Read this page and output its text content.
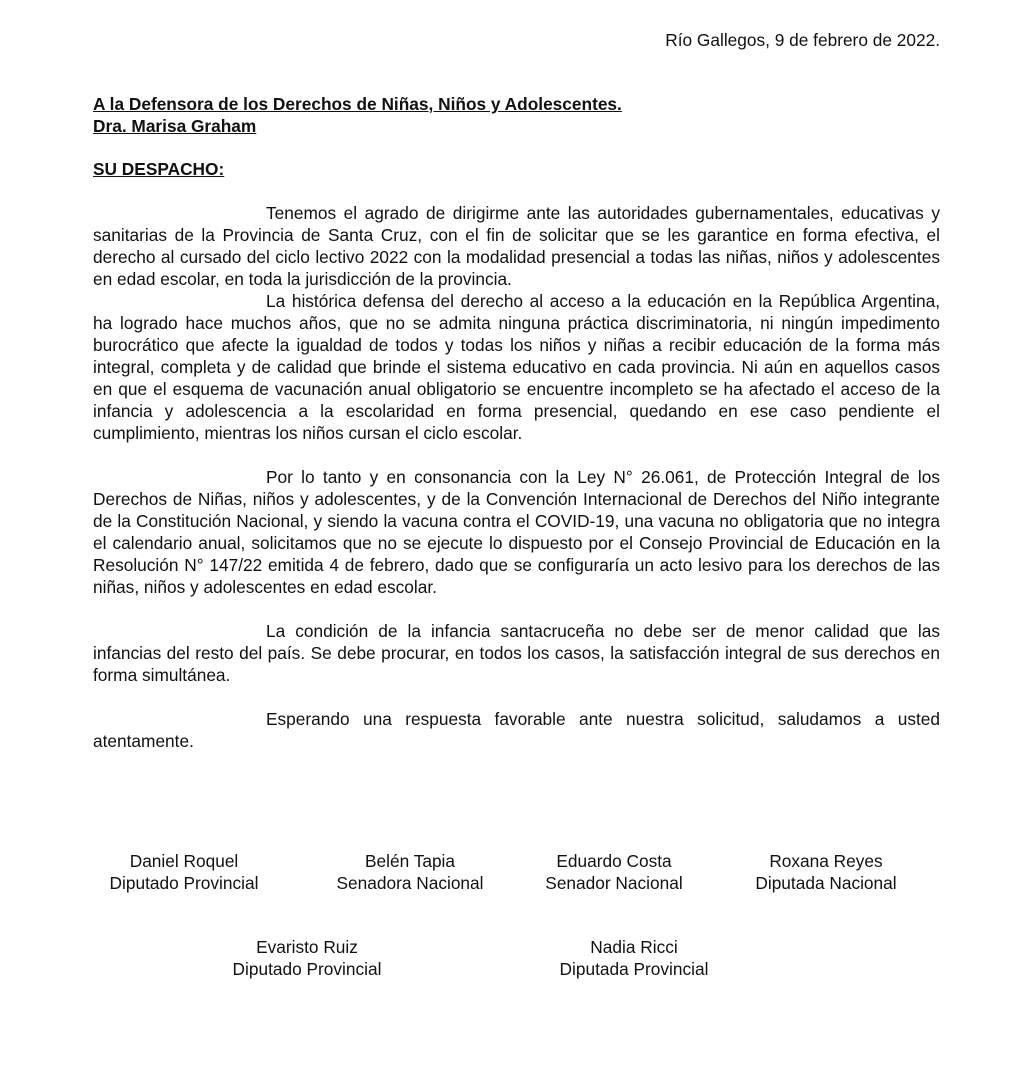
Río Gallegos, 9 de febrero de 2022.
A la Defensora de los Derechos de Niñas, Niños y Adolescentes.
Dra. Marisa Graham
SU DESPACHO:

Tenemos el agrado de dirigirme ante las autoridades gubernamentales, educativas y sanitarias de la Provincia de Santa Cruz, con el fin de solicitar que se les garantice en forma efectiva, el derecho al cursado del ciclo lectivo 2022 con la modalidad presencial a todas las niñas, niños y adolescentes en edad escolar, en toda la jurisdicción de la provincia.

La histórica defensa del derecho al acceso a la educación en la República Argentina, ha logrado hace muchos años, que no se admita ninguna práctica discriminatoria, ni ningún impedimento burocrático que afecte la igualdad de todos y todas los niños y niñas a recibir educación de la forma más integral, completa y de calidad que brinde el sistema educativo en cada provincia. Ni aún en aquellos casos en que el esquema de vacunación anual obligatorio se encuentre incompleto se ha afectado el acceso de la infancia y adolescencia a la escolaridad en forma presencial, quedando en ese caso pendiente el cumplimiento, mientras los niños cursan el ciclo escolar.

Por lo tanto y en consonancia con la Ley N° 26.061, de Protección Integral de los Derechos de Niñas, niños y adolescentes, y de la Convención Internacional de Derechos del Niño integrante de la Constitución Nacional, y siendo la vacuna contra el COVID-19, una vacuna no obligatoria que no integra el calendario anual, solicitamos que no se ejecute lo dispuesto por el Consejo Provincial de Educación en la Resolución N° 147/22 emitida 4 de febrero, dado que se configuraría un acto lesivo para los derechos de las niñas, niños y adolescentes en edad escolar.

La condición de la infancia santacruceña no debe ser de menor calidad que las infancias del resto del país. Se debe procurar, en todos los casos, la satisfacción integral de sus derechos en forma simultánea.

Esperando una respuesta favorable ante nuestra solicitud, saludamos a usted atentamente.

Daniel Roquel
Diputado Provincial
Belén Tapia
Senadora Nacional
Eduardo Costa
Senador Nacional
Roxana Reyes
Diputada Nacional
Evaristo Ruiz
Diputado Provincial
Nadia Ricci
Diputada Provincial
